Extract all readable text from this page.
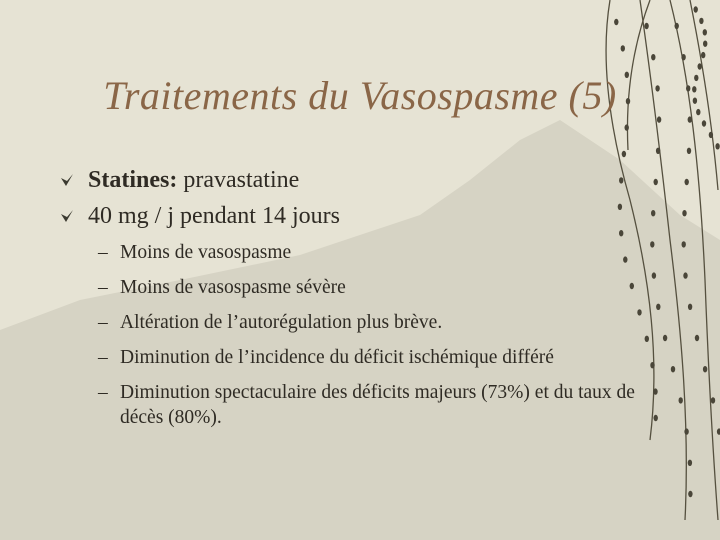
Traitements du Vasospasme (5)
Statines: pravastatine
40 mg / j pendant 14 jours
– Moins de vasospasme
– Moins de vasospasme sévère
– Altération de l’autorégulation plus brève.
– Diminution de l’incidence du déficit ischémique différé
– Diminution spectaculaire des déficits majeurs (73%) et du taux de décès (80%).
